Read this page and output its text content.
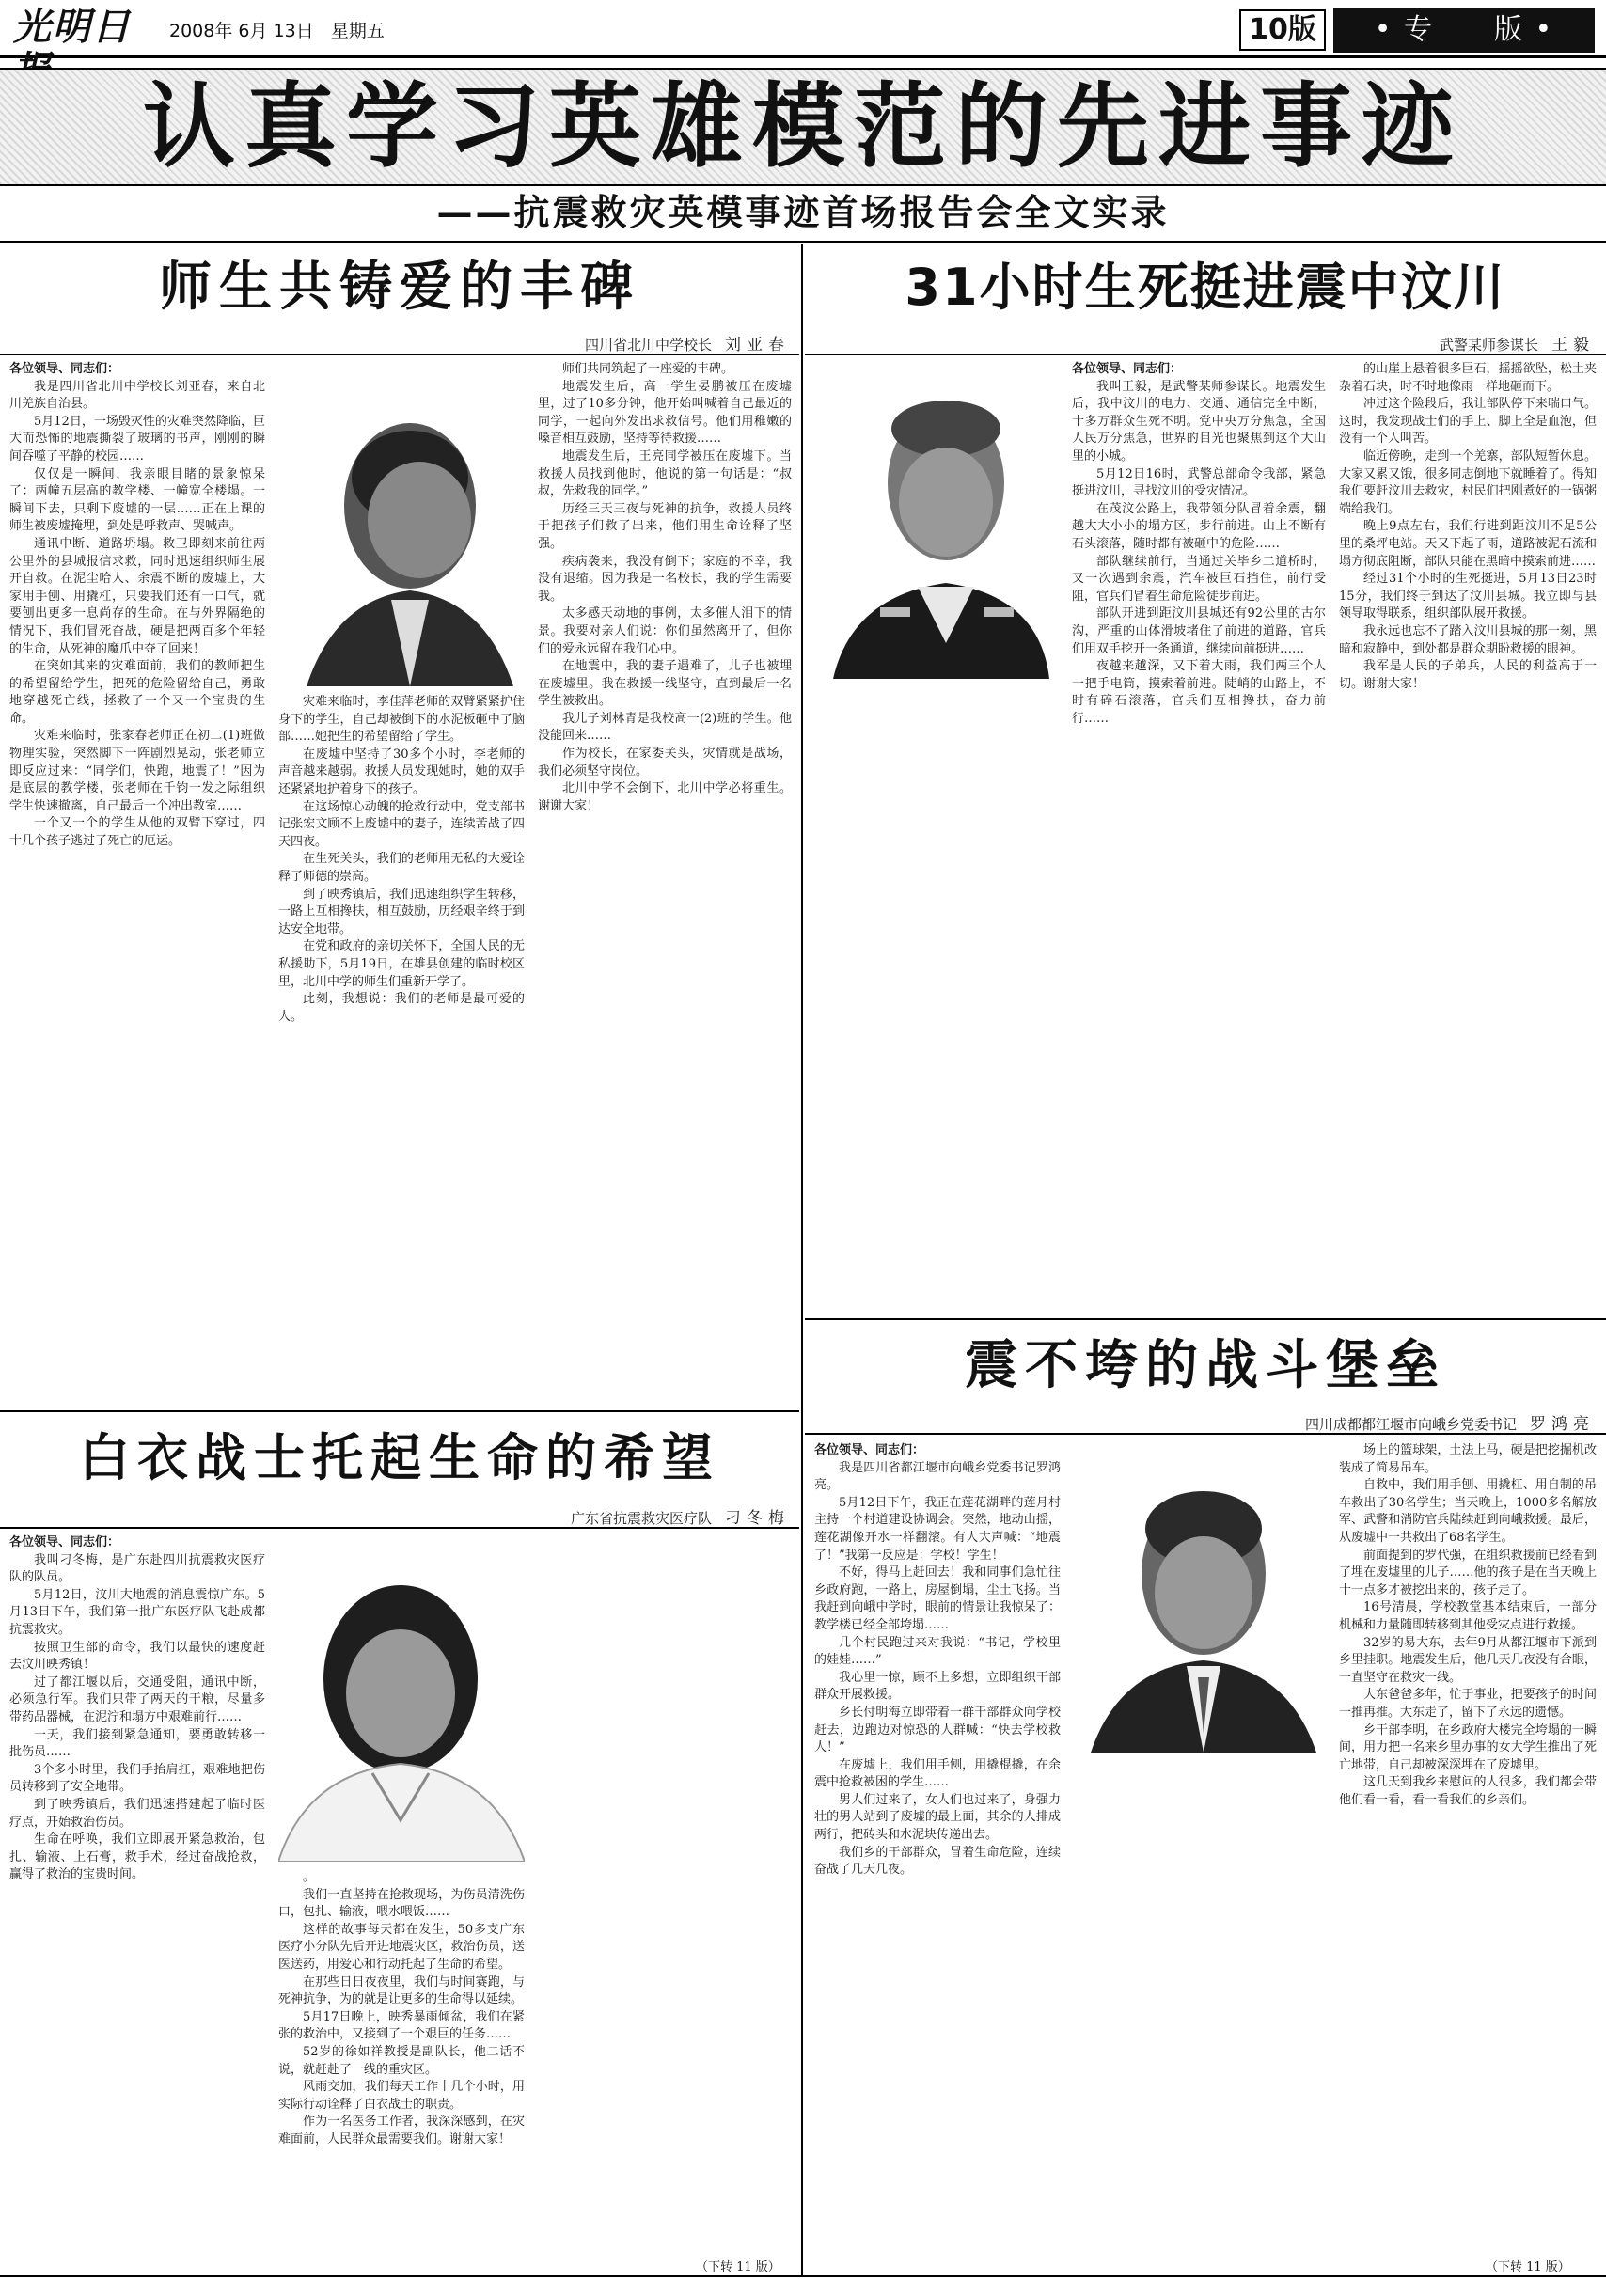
光明日	2008年 6月 13日 星期五	10版	• 专　　版 •
认真学习英雄模范的先进事迹
——抗震救灾英模事迹首场报告会全文实录
师生共铸爱的丰碑
四川省北川中学校长 刘亚春

各位领导、同志们：

我是四川省北川中学校长刘亚春，来自北川羌族自治县。

5月12日，一场毁灭性的灾难突然降临，巨大而恐怖的地震撕裂了玻璃的书声，刚刚的瞬间吞噬了平静的校园……

仅仅是一瞬间，我亲眼目睹的景象惊呆了：两幢五层高的教学楼、一幢宽全楼塌。一瞬间下去，只剩下废墟的一层……正在上课的师生被废墟掩埋，到处是呼救声、哭喊声。

通讯中断、道路坍塌。救卫即刻来前往两公里外的县城报信求救，同时迅速组织师生展开自救。在泥尘哈人、余震不断的废墟上，大家用手刨、用撬杠，只要我们还有一口气，就要刨出更多一息尚存的生命。在与外界隔绝的情况下，我们冒死奋战，硬是把两百多个年轻的生命，从死神的魔爪中夺了回来！

在突如其来的灾难面前，我们的教师把生的希望留给学生，把死的危险留给自己，勇敢地穿越死亡线，拯救了一个又一个宝贵的生命。

灾难来临时，张家春老师正在初二(1)班做物理实验，突然脚下一阵剧烈晃动，张老师立即反应过来：“同学们，快跑，地震了！”因为是底层的教学楼，张老师在千钧一发之际组织学生快速撤离，自己最后一个冲出教室……

一个又一个的学生从他的双臂下穿过，四十几个孩子逃过了死亡的厄运。

灾难来临时，李佳萍老师的双臂紧紧护住身下的学生，自己却被倒下的水泥板砸中了脑部……她把生的希望留给了学生。

在废墟中坚持了30多个小时，李老师的声音越来越弱。救援人员发现她时，她的双手还紧紧地护着身下的孩子。

在这场惊心动魄的抢救行动中，党支部书记张宏文顾不上废墟中的妻子，连续苦战了四天四夜。

在生死关头，我们的老师用无私的大爱诠释了师德的崇高。

到了映秀镇后，我们迅速组织学生转移，一路上互相搀扶，相互鼓励，历经艰辛终于到达安全地带。

在党和政府的亲切关怀下，全国人民的无私援助下，5月19日，在雄县创建的临时校区里，北川中学的师生们重新开学了。

此刻，我想说：我们的老师是最可爱的人。

师们共同筑起了一座爱的丰碑。

地震发生后，高一学生晏鹏被压在废墟里，过了10多分钟，他开始叫喊着自己最近的同学，一起向外发出求救信号。他们用稚嫩的嗓音相互鼓励，坚持等待救援……

地震发生后，王亮同学被压在废墟下。当救援人员找到他时，他说的第一句话是：“叔叔，先救我的同学。”

历经三天三夜与死神的抗争，救援人员终于把孩子们救了出来，他们用生命诠释了坚强。

疾病袭来，我没有倒下；家庭的不幸，我没有退缩。因为我是一名校长，我的学生需要我。

太多感天动地的事例，太多催人泪下的情景。我要对亲人们说：你们虽然离开了，但你们的爱永远留在我们心中。

在地震中，我的妻子遇难了，儿子也被埋在废墟里。我在救援一线坚守，直到最后一名学生被救出。

我儿子刘林青是我校高一(2)班的学生。他没能回来……

作为校长，在家委关头，灾情就是战场，我们必须坚守岗位。

北川中学不会倒下，北川中学必将重生。谢谢大家！

31小时生死挺进震中汶川
武警某师参谋长 王毅

各位领导、同志们：

我叫王毅，是武警某师参谋长。地震发生后，我中汶川的电力、交通、通信完全中断，十多万群众生死不明。党中央万分焦急，全国人民万分焦急，世界的目光也聚焦到这个大山里的小城。

5月12日16时，武警总部命令我部，紧急挺进汶川，寻找汶川的受灾情况。

在茂汶公路上，我带领分队冒着余震，翻越大大小小的塌方区，步行前进。山上不断有石头滚落，随时都有被砸中的危险……

部队继续前行，当通过关毕乡二道桥时，又一次遇到余震，汽车被巨石挡住，前行受阻，官兵们冒着生命危险徒步前进。

部队开进到距汶川县城还有92公里的古尔沟，严重的山体滑坡堵住了前进的道路，官兵们用双手挖开一条通道，继续向前挺进……

夜越来越深，又下着大雨，我们两三个人一把手电筒，摸索着前进。陡峭的山路上，不时有碎石滚落，官兵们互相搀扶，奋力前行……

的山崖上悬着很多巨石，摇摇欲坠，松土夹杂着石块，时不时地像雨一样地砸而下。

冲过这个险段后，我让部队停下来喘口气。这时，我发现战士们的手上、脚上全是血泡，但没有一个人叫苦。

临近傍晚，走到一个羌寨，部队短暂休息。大家又累又饿，很多同志倒地下就睡着了。得知我们要赶汶川去救灾，村民们把刚煮好的一锅粥端给我们。

晚上9点左右，我们行进到距汶川不足5公里的桑坪电站。天又下起了雨，道路被泥石流和塌方彻底阻断，部队只能在黑暗中摸索前进……

经过31个小时的生死挺进，5月13日23时15分，我们终于到达了汶川县城。我立即与县领导取得联系，组织部队展开救援。

我永远也忘不了踏入汶川县城的那一刻，黑暗和寂静中，到处都是群众期盼救援的眼神。

我军是人民的子弟兵，人民的利益高于一切。谢谢大家！

震不垮的战斗堡垒
四川成都都江堰市向峨乡党委书记 罗鸿亮

各位领导、同志们：

我是四川省都江堰市向峨乡党委书记罗鸿亮。

5月12日下午，我正在莲花湖畔的莲月村主持一个村道建设协调会。突然，地动山摇，莲花湖像开水一样翻滚。有人大声喊：“地震了！”我第一反应是：学校！学生！

不好，得马上赶回去！我和同事们急忙往乡政府跑，一路上，房屋倒塌，尘土飞扬。当我赶到向峨中学时，眼前的情景让我惊呆了：教学楼已经全部垮塌……

几个村民跑过来对我说：“书记，学校里的娃娃……”

我心里一惊，顾不上多想，立即组织干部群众开展救援。

乡长付明海立即带着一群干部群众向学校赶去，边跑边对惊恐的人群喊：“快去学校救人！”

在废墟上，我们用手刨，用撬棍撬，在余震中抢救被困的学生……

男人们过来了，女人们也过来了，身强力壮的男人站到了废墟的最上面，其余的人排成两行，把砖头和水泥块传递出去。

我们乡的干部群众，冒着生命危险，连续奋战了几天几夜。

场上的篮球架，土法上马，硬是把挖掘机改装成了简易吊车。

自救中，我们用手刨、用撬杠、用自制的吊车救出了30名学生；当天晚上，1000多名解放军、武警和消防官兵陆续赶到向峨救援。最后，从废墟中一共救出了68名学生。

前面提到的罗代强，在组织救援前已经看到了埋在废墟里的儿子……他的孩子是在当天晚上十一点多才被挖出来的，孩子走了。

16号清晨，学校教堂基本结束后，一部分机械和力量随即转移到其他受灾点进行救援。

32岁的易大东，去年9月从都江堰市下派到乡里挂职。地震发生后，他几天几夜没有合眼，一直坚守在救灾一线。

大东爸爸多年，忙于事业，把要孩子的时间一推再推。大东走了，留下了永远的遗憾。

乡干部李明，在乡政府大楼完全垮塌的一瞬间，用力把一名来乡里办事的女大学生推出了死亡地带，自己却被深深埋在了废墟里。

这几天到我乡来慰问的人很多，我们都会带他们看一看，看一看我们的乡亲们。

（下转 11 版）
白衣战士托起生命的希望
广东省抗震救灾医疗队 刁冬梅

各位领导、同志们：

我叫刁冬梅，是广东赴四川抗震救灾医疗队的队员。

5月12日，汶川大地震的消息震惊广东。5月13日下午，我们第一批广东医疗队飞赴成都抗震救灾。

按照卫生部的命令，我们以最快的速度赶去汶川映秀镇！

过了都江堰以后，交通受阻，通讯中断，必须急行军。我们只带了两天的干粮，尽量多带药品器械，在泥泞和塌方中艰难前行……

一天，我们接到紧急通知，要勇敢转移一批伤员……

3个多小时里，我们手抬肩扛，艰难地把伤员转移到了安全地带。

到了映秀镇后，我们迅速搭建起了临时医疗点，开始救治伤员。

生命在呼唤，我们立即展开紧急救治，包扎、输液、上石膏，救手术，经过奋战抢救，赢得了救治的宝贵时间。	。

我们一直坚持在抢救现场，为伤员清洗伤口，包扎、输液，喂水喂饭……

这样的故事每天都在发生，50多支广东医疗小分队先后开进地震灾区，救治伤员，送医送药，用爱心和行动托起了生命的希望。

在那些日日夜夜里，我们与时间赛跑，与死神抗争，为的就是让更多的生命得以延续。

5月17日晚上，映秀暴雨倾盆，我们在紧张的救治中，又接到了一个艰巨的任务……

52岁的徐如祥教授是副队长，他二话不说，就赶赴了一线的重灾区。

风雨交加，我们每天工作十几个小时，用实际行动诠释了白衣战士的职责。

作为一名医务工作者，我深深感到，在灾难面前，人民群众最需要我们。谢谢大家！

（下转 11 版）
